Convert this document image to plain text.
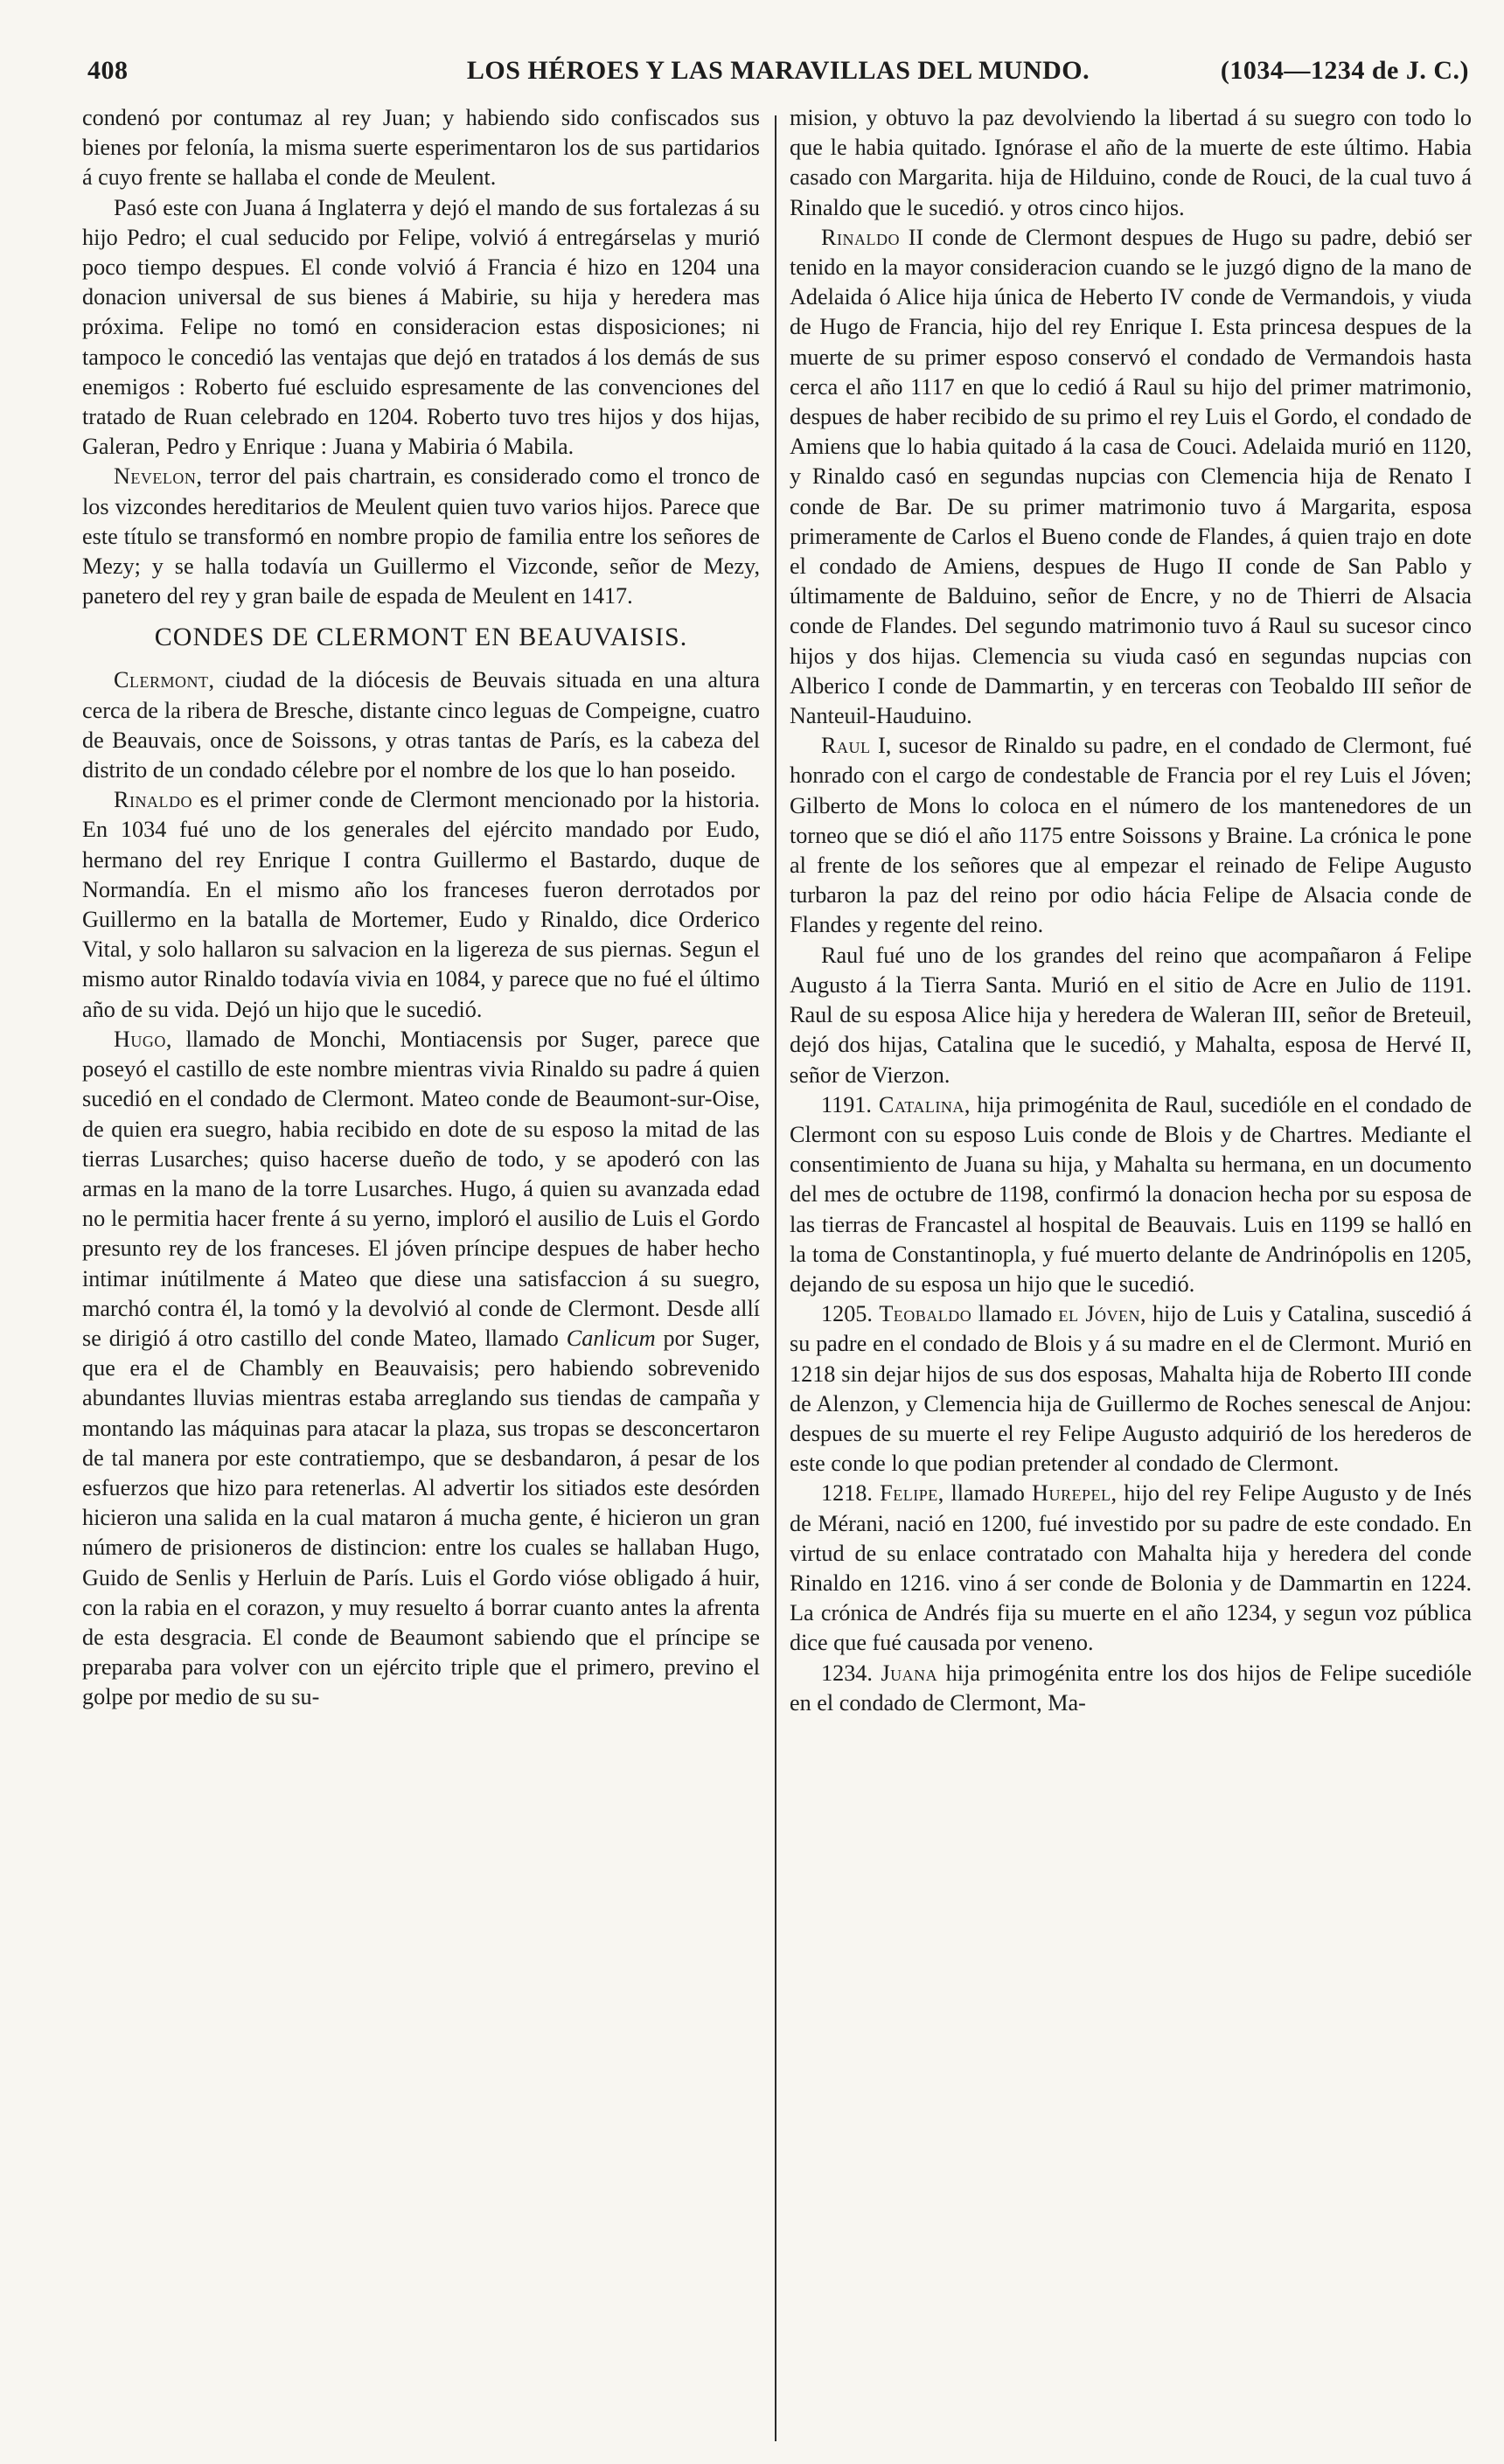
408	LOS HÉROES Y LAS MARAVILLAS DEL MUNDO.	(1034—1234 de J. C.)

condenó por contumaz al rey Juan; y habiendo sido confiscados sus bienes por felonía, la misma suerte esperimentaron los de sus partidarios á cuyo frente se hallaba el conde de Meulent.

Pasó este con Juana á Inglaterra y dejó el mando de sus fortalezas á su hijo Pedro; el cual seducido por Felipe, volvió á entregárselas y murió poco tiempo despues. El conde volvió á Francia é hizo en 1204 una donacion universal de sus bienes á Mabirie, su hija y heredera mas próxima. Felipe no tomó en consideracion estas disposiciones; ni tampoco le concedió las ventajas que dejó en tratados á los demás de sus enemigos : Roberto fué escluido espresamente de las convenciones del tratado de Ruan celebrado en 1204. Roberto tuvo tres hijos y dos hijas, Galeran, Pedro y Enrique : Juana y Mabiria ó Mabila.

Nevelon, terror del pais chartrain, es considerado como el tronco de los vizcondes hereditarios de Meulent quien tuvo varios hijos. Parece que este título se transformó en nombre propio de familia entre los señores de Mezy; y se halla todavía un Guillermo el Vizconde, señor de Mezy, panetero del rey y gran baile de espada de Meulent en 1417.

CONDES DE CLERMONT EN BEAUVAISIS.

Clermont, ciudad de la diócesis de Beuvais situada en una altura cerca de la ribera de Bresche, distante cinco leguas de Compeigne, cuatro de Beauvais, once de Soissons, y otras tantas de París, es la cabeza del distrito de un condado célebre por el nombre de los que lo han poseido.

Rinaldo es el primer conde de Clermont mencionado por la historia. En 1034 fué uno de los generales del ejército mandado por Eudo, hermano del rey Enrique I contra Guillermo el Bastardo, duque de Normandía. En el mismo año los franceses fueron derrotados por Guillermo en la batalla de Mortemer, Eudo y Rinaldo, dice Orderico Vital, y solo hallaron su salvacion en la ligereza de sus piernas. Segun el mismo autor Rinaldo todavía vivia en 1084, y parece que no fué el último año de su vida. Dejó un hijo que le sucedió.

Hugo, llamado de Monchi, Montiacensis por Suger, parece que poseyó el castillo de este nombre mientras vivia Rinaldo su padre á quien sucedió en el condado de Clermont. Mateo conde de Beaumont-sur-Oise, de quien era suegro, habia recibido en dote de su esposo la mitad de las tierras Lusarches; quiso hacerse dueño de todo, y se apoderó con las armas en la mano de la torre Lusarches. Hugo, á quien su avanzada edad no le permitia hacer frente á su yerno, imploró el ausilio de Luis el Gordo presunto rey de los franceses. El jóven príncipe despues de haber hecho intimar inútilmente á Mateo que diese una satisfaccion á su suegro, marchó contra él, la tomó y la devolvió al conde de Clermont. Desde allí se dirigió á otro castillo del conde Mateo, llamado Canlicum por Suger, que era el de Chambly en Beauvaisis; pero habiendo sobrevenido abundantes lluvias mientras estaba arreglando sus tiendas de campaña y montando las máquinas para atacar la plaza, sus tropas se desconcertaron de tal manera por este contratiempo, que se desbandaron, á pesar de los esfuerzos que hizo para retenerlas. Al advertir los sitiados este desórden hicieron una salida en la cual mataron á mucha gente, é hicieron un gran número de prisioneros de distincion: entre los cuales se hallaban Hugo, Guido de Senlis y Herluin de París. Luis el Gordo vióse obligado á huir, con la rabia en el corazon, y muy resuelto á borrar cuanto antes la afrenta de esta desgracia. El conde de Beaumont sabiendo que el príncipe se preparaba para volver con un ejército triple que el primero, previno el golpe por medio de su su-

mision, y obtuvo la paz devolviendo la libertad á su suegro con todo lo que le habia quitado. Ignórase el año de la muerte de este último. Habia casado con Margarita. hija de Hilduino, conde de Rouci, de la cual tuvo á Rinaldo que le sucedió. y otros cinco hijos.

Rinaldo II conde de Clermont despues de Hugo su padre, debió ser tenido en la mayor consideracion cuando se le juzgó digno de la mano de Adelaida ó Alice hija única de Heberto IV conde de Vermandois, y viuda de Hugo de Francia, hijo del rey Enrique I. Esta princesa despues de la muerte de su primer esposo conservó el condado de Vermandois hasta cerca el año 1117 en que lo cedió á Raul su hijo del primer matrimonio, despues de haber recibido de su primo el rey Luis el Gordo, el condado de Amiens que lo habia quitado á la casa de Couci. Adelaida murió en 1120, y Rinaldo casó en segundas nupcias con Clemencia hija de Renato I conde de Bar. De su primer matrimonio tuvo á Margarita, esposa primeramente de Carlos el Bueno conde de Flandes, á quien trajo en dote el condado de Amiens, despues de Hugo II conde de San Pablo y últimamente de Balduino, señor de Encre, y no de Thierri de Alsacia conde de Flandes. Del segundo matrimonio tuvo á Raul su sucesor cinco hijos y dos hijas. Clemencia su viuda casó en segundas nupcias con Alberico I conde de Dammartin, y en terceras con Teobaldo III señor de Nanteuil-Hauduino.

Raul I, sucesor de Rinaldo su padre, en el condado de Clermont, fué honrado con el cargo de condestable de Francia por el rey Luis el Jóven; Gilberto de Mons lo coloca en el número de los mantenedores de un torneo que se dió el año 1175 entre Soissons y Braine. La crónica le pone al frente de los señores que al empezar el reinado de Felipe Augusto turbaron la paz del reino por odio hácia Felipe de Alsacia conde de Flandes y regente del reino.

Raul fué uno de los grandes del reino que acompañaron á Felipe Augusto á la Tierra Santa. Murió en el sitio de Acre en Julio de 1191. Raul de su esposa Alice hija y heredera de Waleran III, señor de Breteuil, dejó dos hijas, Catalina que le sucedió, y Mahalta, esposa de Hervé II, señor de Vierzon.

1191. Catalina, hija primogénita de Raul, sucedióle en el condado de Clermont con su esposo Luis conde de Blois y de Chartres. Mediante el consentimiento de Juana su hija, y Mahalta su hermana, en un documento del mes de octubre de 1198, confirmó la donacion hecha por su esposa de las tierras de Francastel al hospital de Beauvais. Luis en 1199 se halló en la toma de Constantinopla, y fué muerto delante de Andrinópolis en 1205, dejando de su esposa un hijo que le sucedió.

1205. Teobaldo llamado el Jóven, hijo de Luis y Catalina, suscedió á su padre en el condado de Blois y á su madre en el de Clermont. Murió en 1218 sin dejar hijos de sus dos esposas, Mahalta hija de Roberto III conde de Alenzon, y Clemencia hija de Guillermo de Roches senescal de Anjou: despues de su muerte el rey Felipe Augusto adquirió de los herederos de este conde lo que podian pretender al condado de Clermont.

1218. Felipe, llamado Hurepel, hijo del rey Felipe Augusto y de Inés de Mérani, nació en 1200, fué investido por su padre de este condado. En virtud de su enlace contratado con Mahalta hija y heredera del conde Rinaldo en 1216. vino á ser conde de Bolonia y de Dammartin en 1224. La crónica de Andrés fija su muerte en el año 1234, y segun voz pública dice que fué causada por veneno.

1234. Juana hija primogénita entre los dos hijos de Felipe sucedióle en el condado de Clermont, Ma-
